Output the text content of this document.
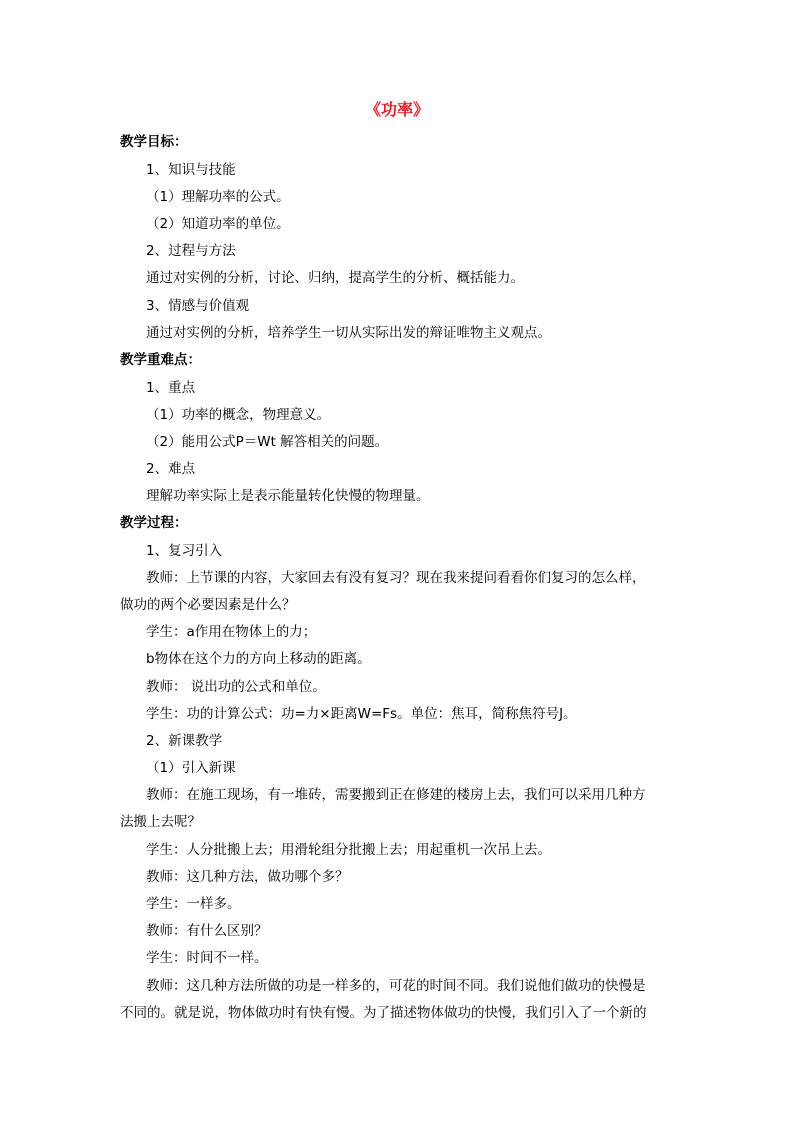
《功率》
教学目标：
1、知识与技能
（1）理解功率的公式。
（2）知道功率的单位。
2、过程与方法
通过对实例的分析，讨论、归纳，提高学生的分析、概括能力。
3、情感与价值观
通过对实例的分析，培养学生一切从实际出发的辩证唯物主义观点。
教学重难点：
1、重点
（1）功率的概念，物理意义。
（2）能用公式P＝Wt 解答相关的问题。
2、难点
理解功率实际上是表示能量转化快慢的物理量。
教学过程：
1、复习引入
教师：上节课的内容，大家回去有没有复习？现在我来提问看看你们复习的怎么样，
做功的两个必要因素是什么？
学生：a作用在物体上的力；
b物体在这个力的方向上移动的距离。
教师： 说出功的公式和单位。
学生：功的计算公式：功=力×距离W=Fs。单位：焦耳，简称焦符号J。
2、新课教学
（1）引入新课
教师：在施工现场，有一堆砖，需要搬到正在修建的楼房上去，我们可以采用几种方
法搬上去呢？
学生：人分批搬上去；用滑轮组分批搬上去；用起重机一次吊上去。
教师：这几种方法，做功哪个多？
学生：一样多。
教师：有什么区别？
学生：时间不一样。
教师：这几种方法所做的功是一样多的，可花的时间不同。我们说他们做功的快慢是
不同的。就是说，物体做功时有快有慢。为了描述物体做功的快慢，我们引入了一个新的
